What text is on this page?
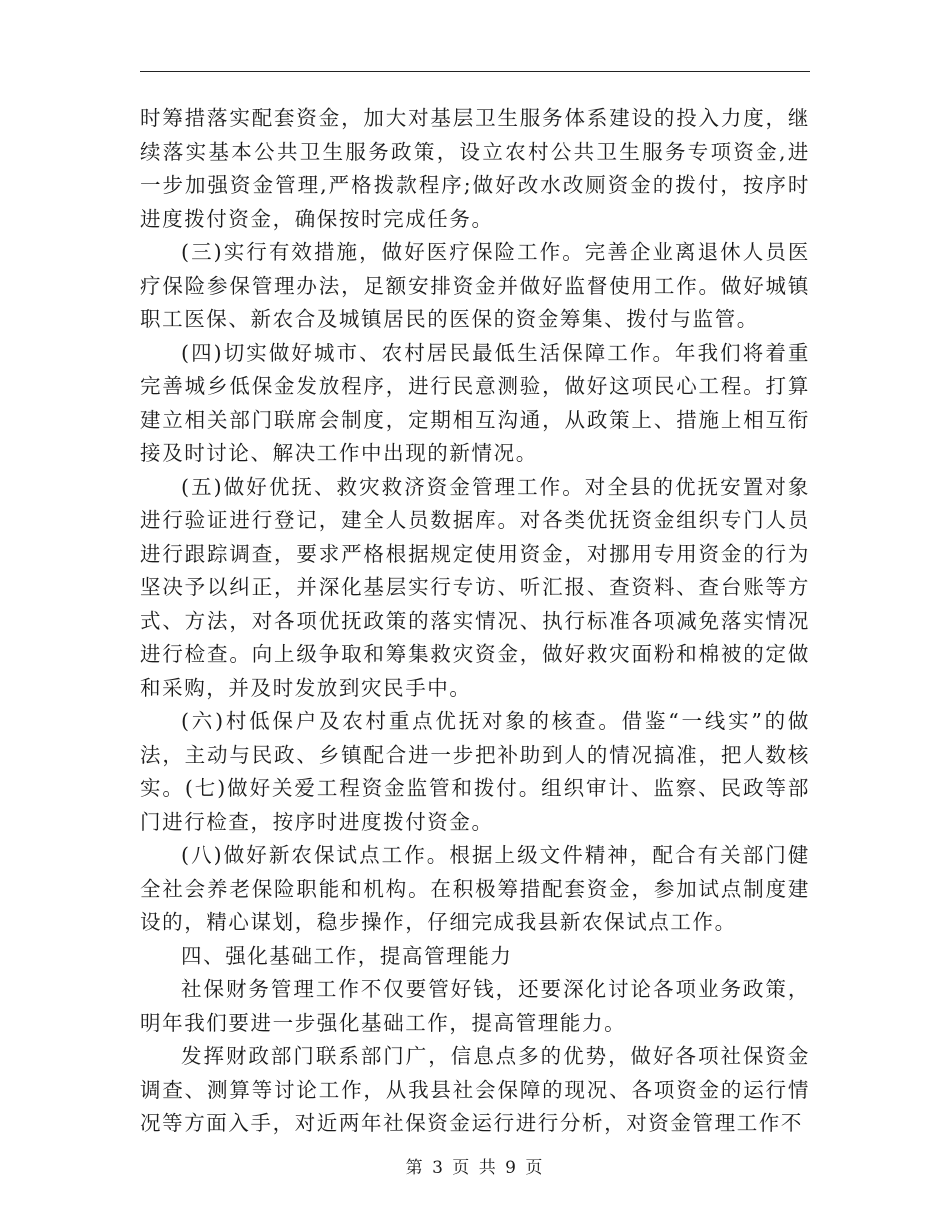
时筹措落实配套资金，加大对基层卫生服务体系建设的投入力度，继续落实基本公共卫生服务政策，设立农村公共卫生服务专项资金,进一步加强资金管理,严格拨款程序;做好改水改厕资金的拨付，按序时进度拨付资金，确保按时完成任务。

(三)实行有效措施，做好医疗保险工作。完善企业离退休人员医疗保险参保管理办法，足额安排资金并做好监督使用工作。做好城镇职工医保、新农合及城镇居民的医保的资金筹集、拨付与监管。

(四)切实做好城市、农村居民最低生活保障工作。年我们将着重完善城乡低保金发放程序，进行民意测验，做好这项民心工程。打算建立相关部门联席会制度，定期相互沟通，从政策上、措施上相互衔接及时讨论、解决工作中出现的新情况。

(五)做好优抚、救灾救济资金管理工作。对全县的优抚安置对象进行验证进行登记，建全人员数据库。对各类优抚资金组织专门人员进行跟踪调查，要求严格根据规定使用资金，对挪用专用资金的行为坚决予以纠正，并深化基层实行专访、听汇报、查资料、查台账等方式、方法，对各项优抚政策的落实情况、执行标准各项减免落实情况进行检查。向上级争取和筹集救灾资金，做好救灾面粉和棉被的定做和采购，并及时发放到灾民手中。

(六)村低保户及农村重点优抚对象的核查。借鉴“一线实”的做法，主动与民政、乡镇配合进一步把补助到人的情况搞准，把人数核实。(七)做好关爱工程资金监管和拨付。组织审计、监察、民政等部门进行检查，按序时进度拨付资金。

(八)做好新农保试点工作。根据上级文件精神，配合有关部门健全社会养老保险职能和机构。在积极筹措配套资金，参加试点制度建设的，精心谋划，稳步操作，仔细完成我县新农保试点工作。

四、强化基础工作，提高管理能力

社保财务管理工作不仅要管好钱，还要深化讨论各项业务政策，明年我们要进一步强化基础工作，提高管理能力。

发挥财政部门联系部门广，信息点多的优势，做好各项社保资金调查、测算等讨论工作，从我县社会保障的现况、各项资金的运行情况等方面入手，对近两年社保资金运行进行分析，对资金管理工作不

第 3 页 共 9 页
